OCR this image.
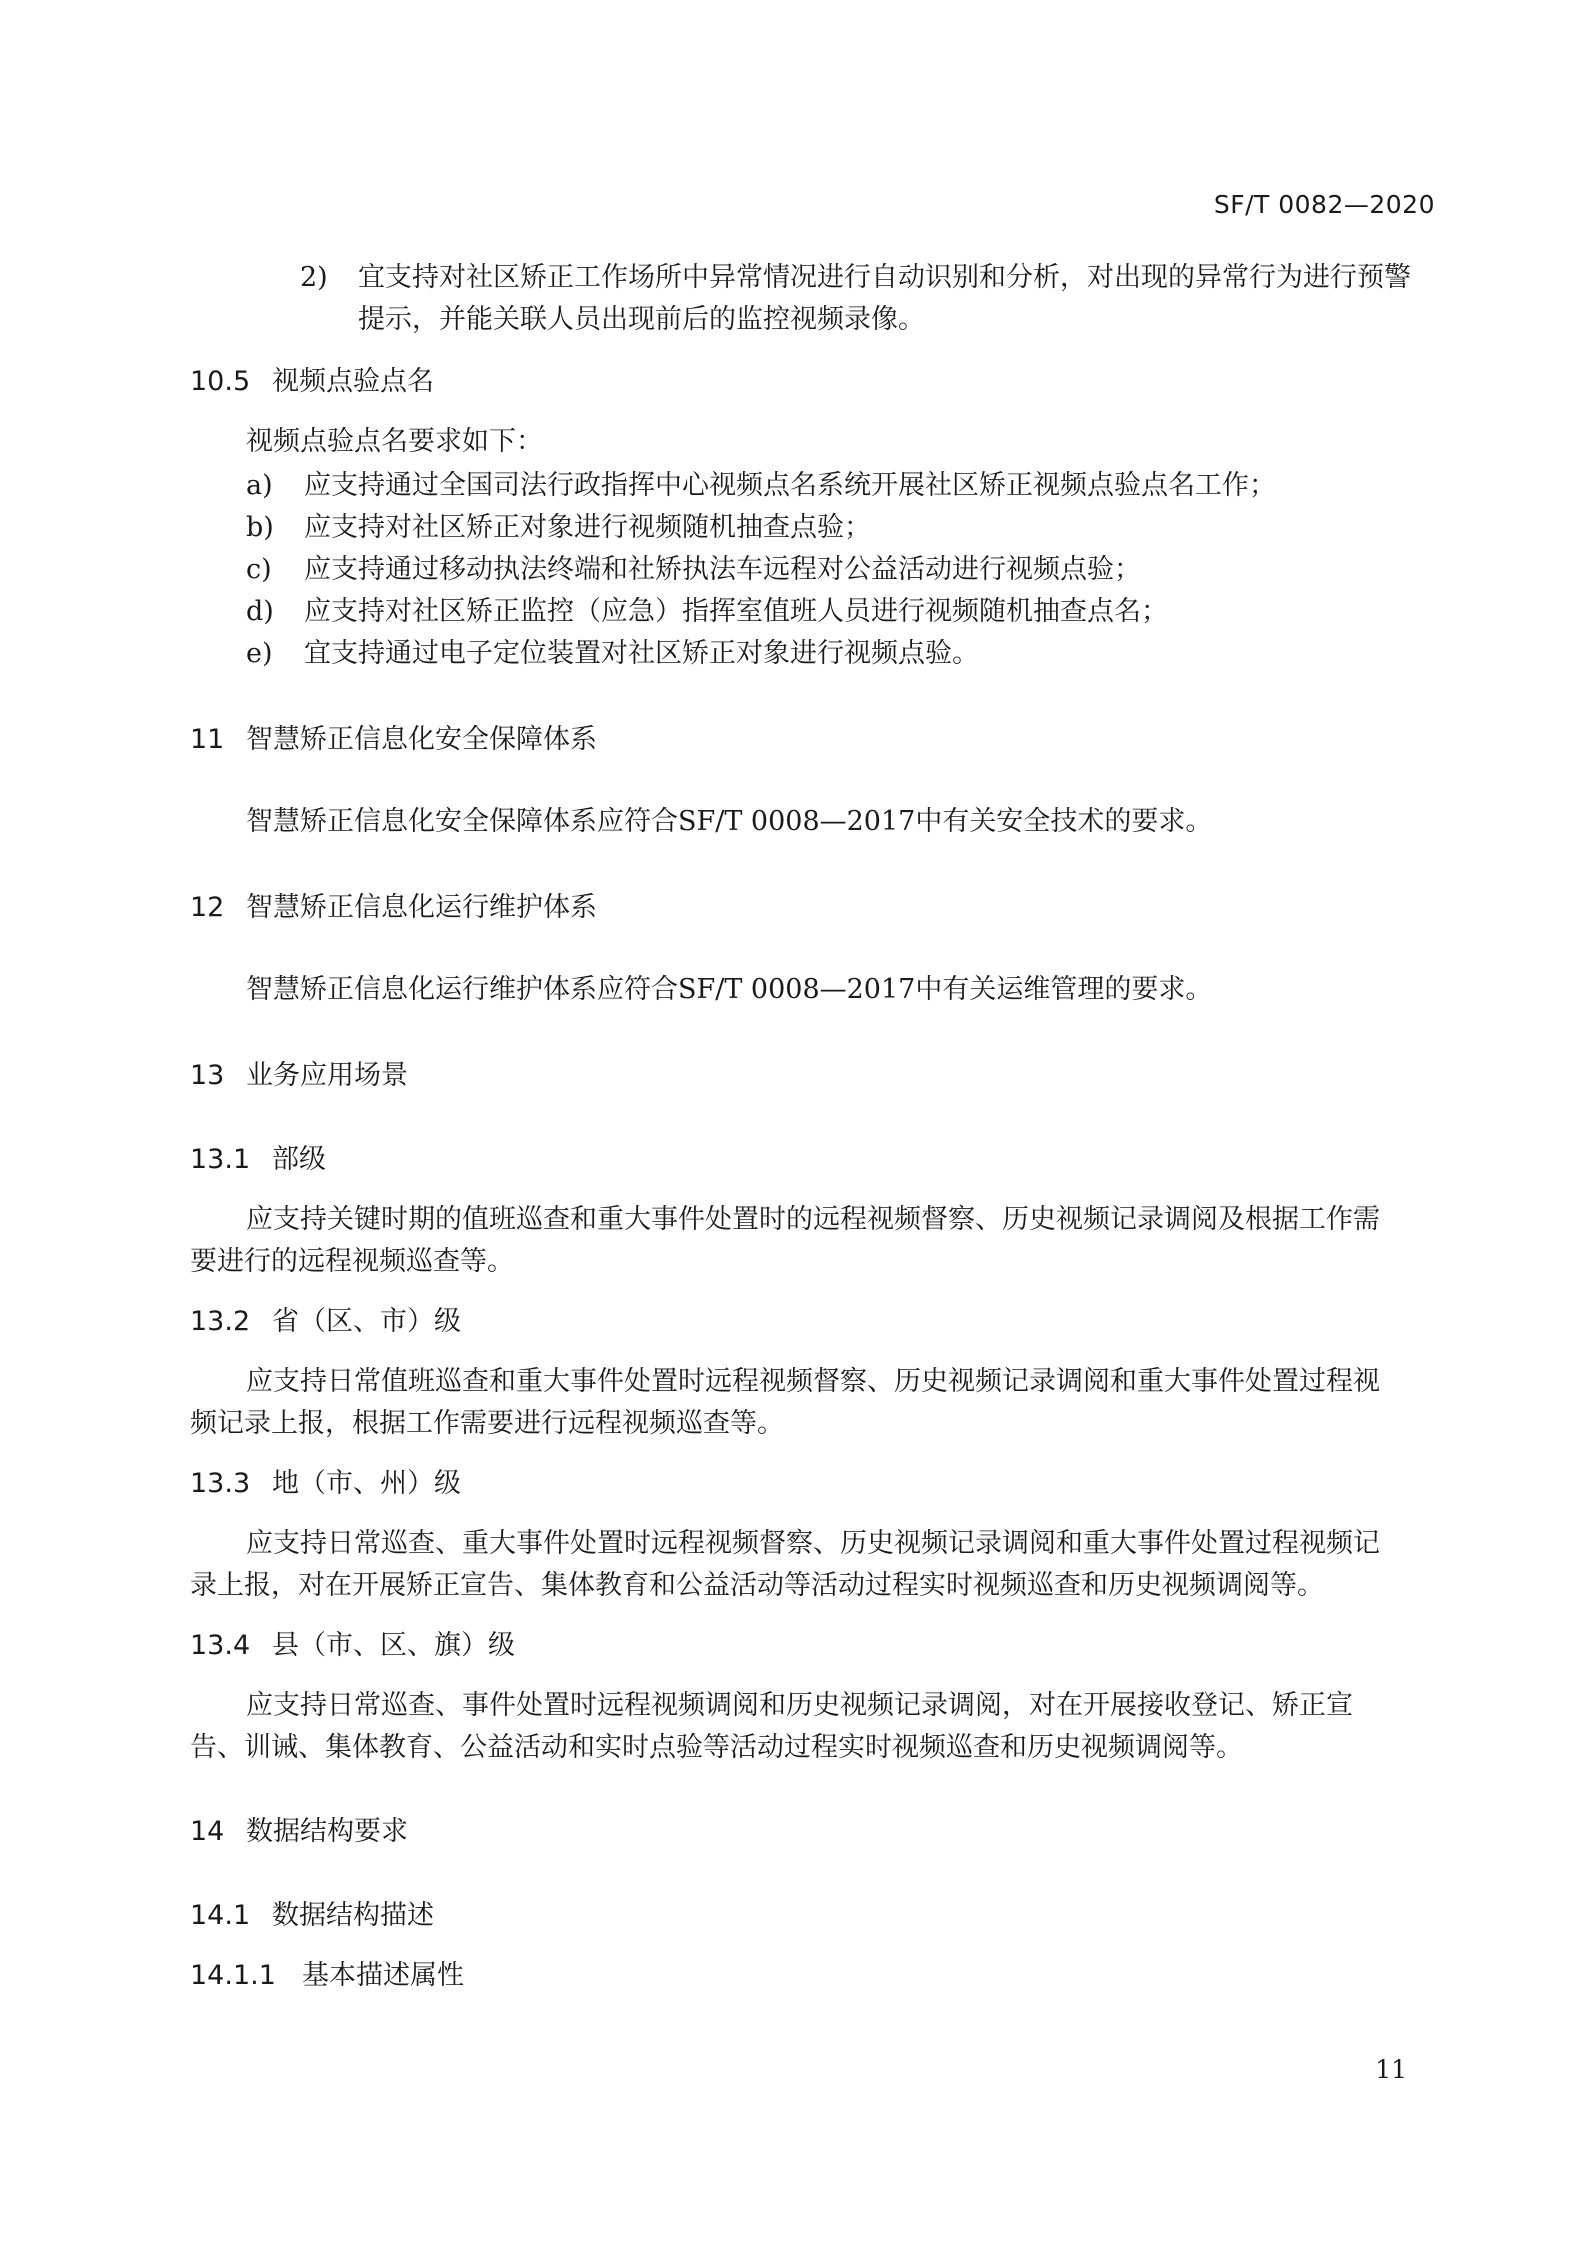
SF/T 0082—2020
2) 宜支持对社区矫正工作场所中异常情况进行自动识别和分析，对出现的异常行为进行预警
提示，并能关联人员出现前后的监控视频录像。
10.5 视频点验点名
视频点验点名要求如下：
a) 应支持通过全国司法行政指挥中心视频点名系统开展社区矫正视频点验点名工作；
b) 应支持对社区矫正对象进行视频随机抽查点验；
c) 应支持通过移动执法终端和社矫执法车远程对公益活动进行视频点验；
d) 应支持对社区矫正监控（应急）指挥室值班人员进行视频随机抽查点名；
e) 宜支持通过电子定位装置对社区矫正对象进行视频点验。
11 智慧矫正信息化安全保障体系
智慧矫正信息化安全保障体系应符合SF/T 0008—2017中有关安全技术的要求。
12 智慧矫正信息化运行维护体系
智慧矫正信息化运行维护体系应符合SF/T 0008—2017中有关运维管理的要求。
13 业务应用场景
13.1 部级
应支持关键时期的值班巡查和重大事件处置时的远程视频督察、历史视频记录调阅及根据工作需
要进行的远程视频巡查等。
13.2 省（区、市）级
应支持日常值班巡查和重大事件处置时远程视频督察、历史视频记录调阅和重大事件处置过程视
频记录上报，根据工作需要进行远程视频巡查等。
13.3 地（市、州）级
应支持日常巡查、重大事件处置时远程视频督察、历史视频记录调阅和重大事件处置过程视频记
录上报，对在开展矫正宣告、集体教育和公益活动等活动过程实时视频巡查和历史视频调阅等。
13.4 县（市、区、旗）级
应支持日常巡查、事件处置时远程视频调阅和历史视频记录调阅，对在开展接收登记、矫正宣
告、训诫、集体教育、公益活动和实时点验等活动过程实时视频巡查和历史视频调阅等。
14 数据结构要求
14.1 数据结构描述
14.1.1 基本描述属性
11
